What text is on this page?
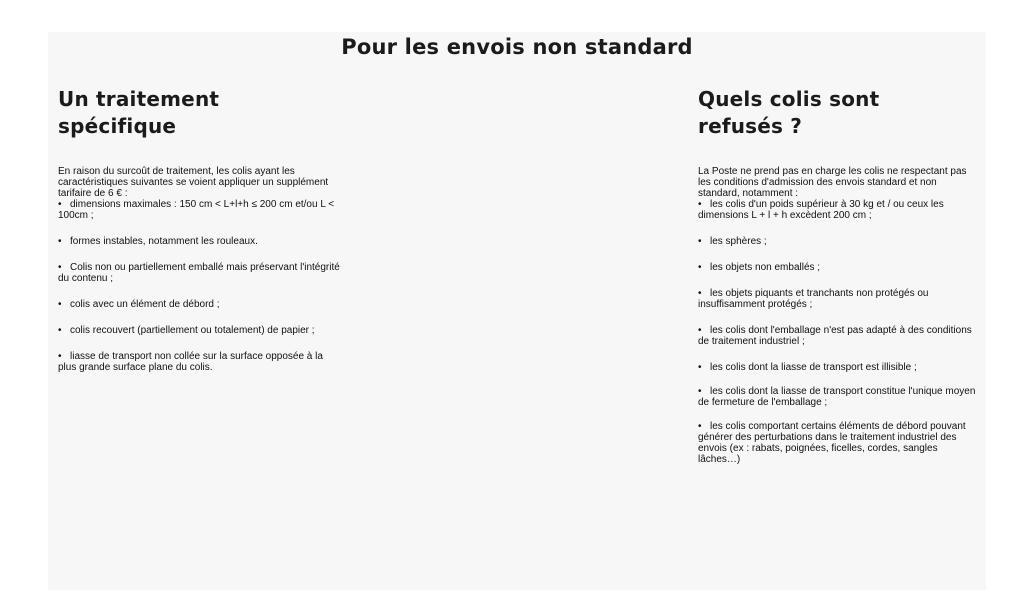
Pour les envois non standard
Un traitement spécifique

En raison du surcoût de traitement, les colis ayant les caractéristiques suivantes se voient appliquer un supplément tarifaire de 6 € :

• dimensions maximales : 150 cm < L+l+h ≤ 200 cm et/ou L < 100cm ;

• formes instables, notamment les rouleaux.

• Colis non ou partiellement emballé mais préservant l'intégrité du contenu ;

• colis avec un élément de débord ;

• colis recouvert (partiellement ou totalement) de papier ;

• liasse de transport non collée sur la surface opposée à la plus grande surface plane du colis.

Quels colis sont refusés ?

La Poste ne prend pas en charge les colis ne respectant pas les conditions d'admission des envois standard et non standard, notamment :

• les colis d'un poids supérieur à 30 kg et / ou ceux les dimensions L + l + h excèdent 200 cm ;

• les sphères ;

• les objets non emballés ;

• les objets piquants et tranchants non protégés ou insuffisamment protégés ;

• les colis dont l'emballage n'est pas adapté à des conditions de traitement industriel ;

• les colis dont la liasse de transport est illisible ;

• les colis dont la liasse de transport constitue l'unique moyen de fermeture de l'emballage ;

• les colis comportant certains éléments de débord pouvant générer des perturbations dans le traitement industriel des envois (ex : rabats, poignées, ficelles, cordes, sangles lâches…)
